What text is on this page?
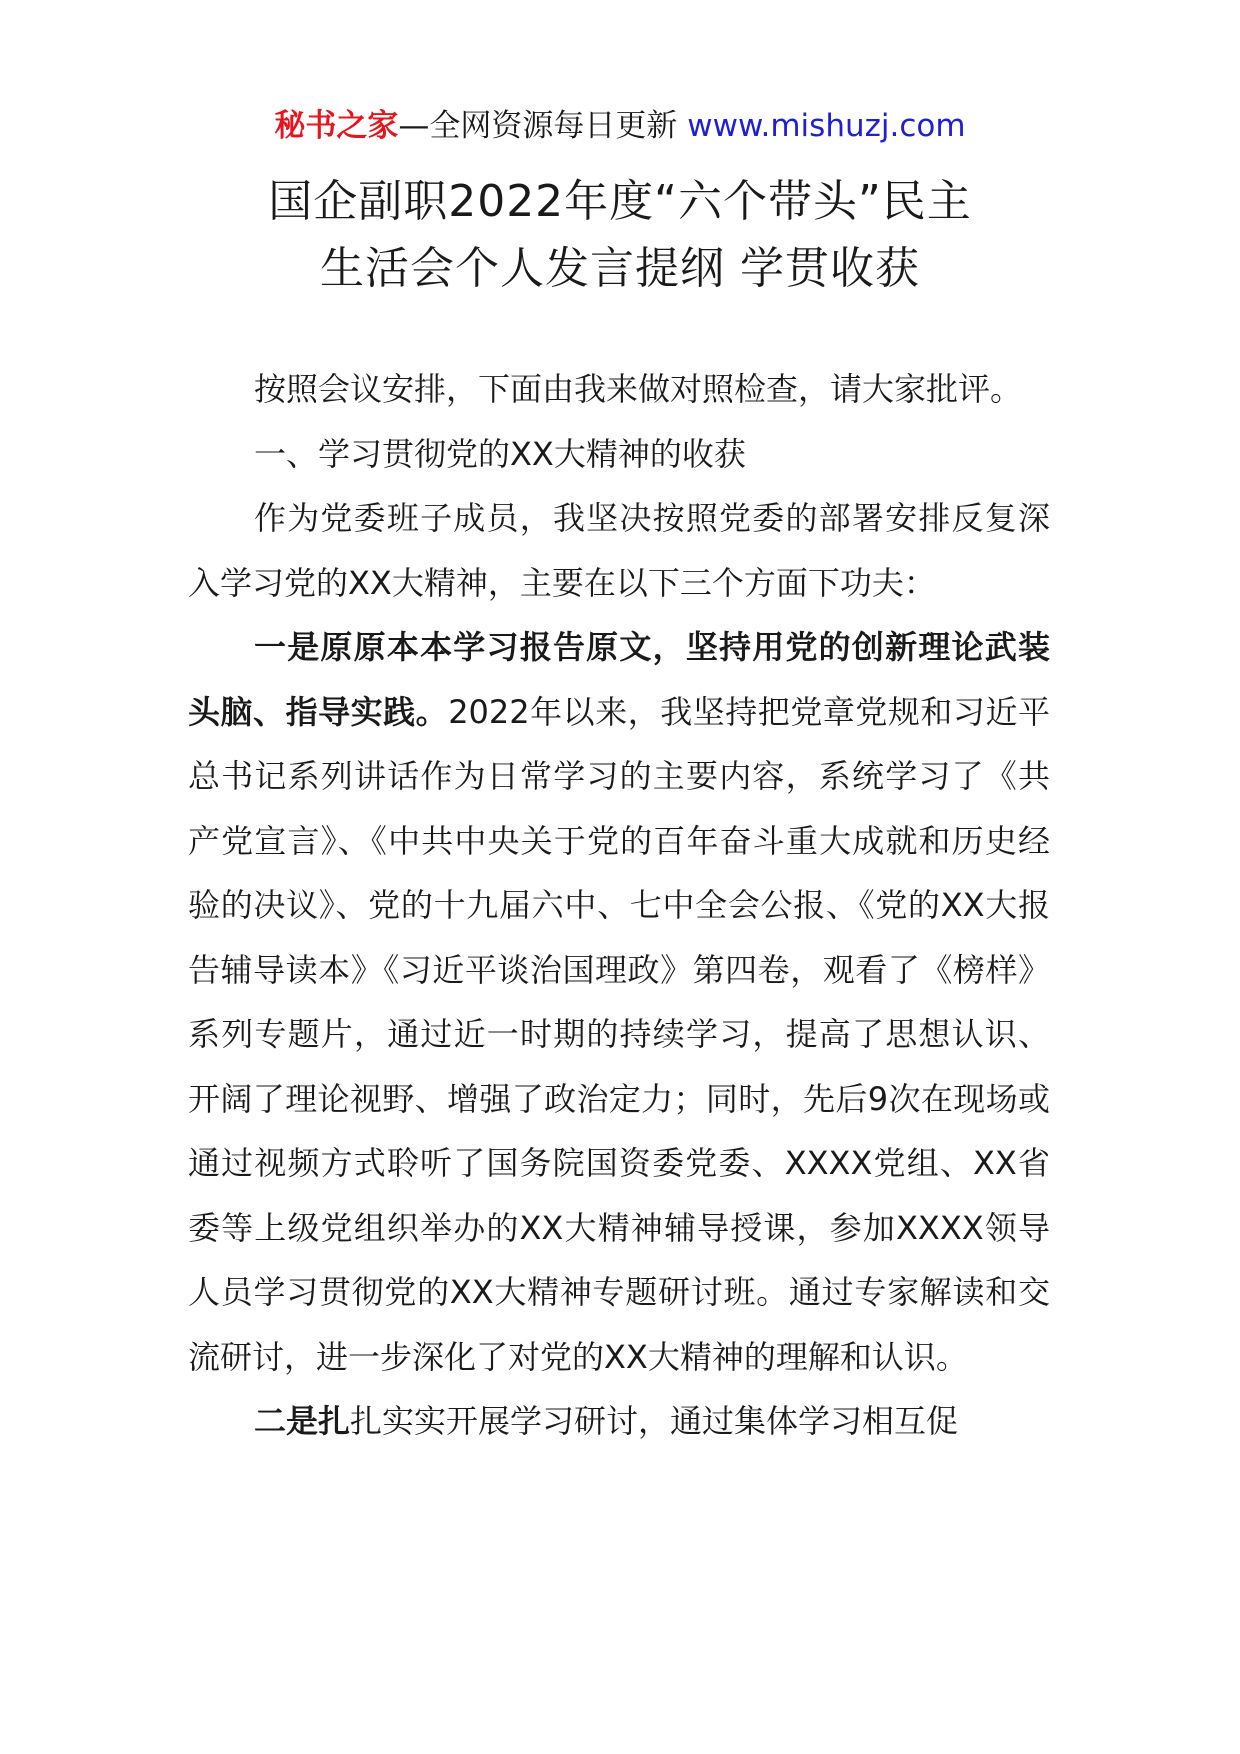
秘书之家—全网资源每日更新 www.mishuzj.com
国企副职2022年度“六个带头”民主
生活会个人发言提纲 学贯收获

按照会议安排，下面由我来做对照检查，请大家批评。

一、学习贯彻党的XX大精神的收获

作为党委班子成员，我坚决按照党委的部署安排反复深入学习党的XX大精神，主要在以下三个方面下功夫：

一是原原本本学习报告原文，坚持用党的创新理论武装头脑、指导实践。2022年以来，我坚持把党章党规和习近平总书记系列讲话作为日常学习的主要内容，系统学习了《共产党宣言》、《中共中央关于党的百年奋斗重大成就和历史经验的决议》、党的十九届六中、七中全会公报、《党的XX大报告辅导读本》《习近平谈治国理政》第四卷，观看了《榜样》系列专题片，通过近一时期的持续学习，提高了思想认识、开阔了理论视野、增强了政治定力；同时，先后9次在现场或通过视频方式聆听了国务院国资委党委、XXXX党组、XX省委等上级党组织举办的XX大精神辅导授课，参加XXXX领导人员学习贯彻党的XX大精神专题研讨班。通过专家解读和交流研讨，进一步深化了对党的XX大精神的理解和认识。

二是扎扎实实开展学习研讨，通过集体学习相互促
